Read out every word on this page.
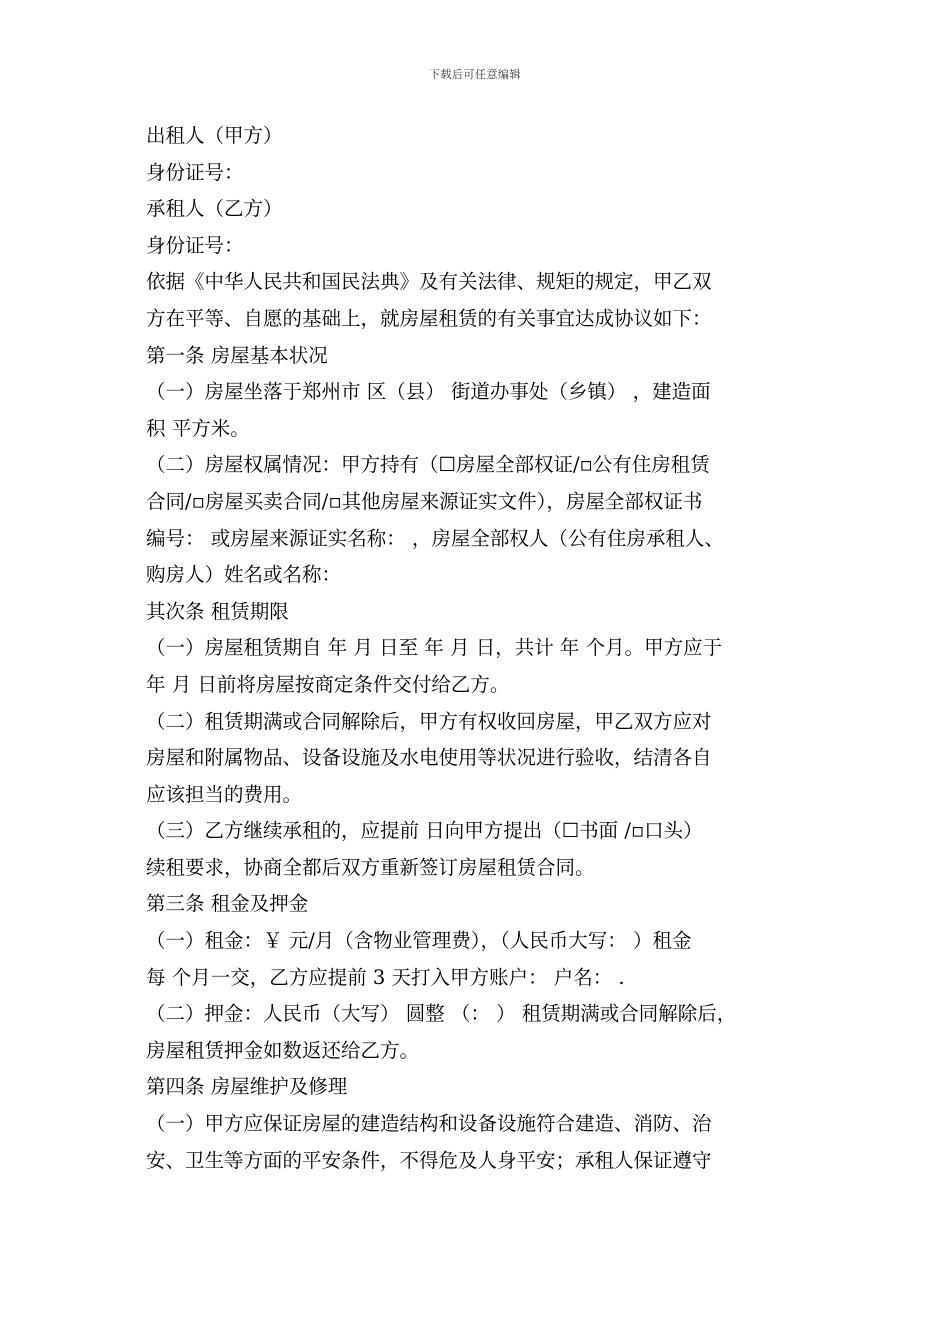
下载后可任意编辑
出租人（甲方）
身份证号：
承租人（乙方）
身份证号：
依据《中华人民共和国民法典》及有关法律、规矩的规定，甲乙双
方在平等、自愿的基础上，就房屋租赁的有关事宜达成协议如下：
第一条 房屋基本状况
（一）房屋坐落于郑州市 区（县） 街道办事处（乡镇） ，建造面
积 平方米。
（二）房屋权属情况：甲方持有（☐房屋全部权证/▫公有住房租赁
合同/▫房屋买卖合同/▫其他房屋来源证实文件），房屋全部权证书
编号： 或房屋来源证实名称： ，房屋全部权人（公有住房承租人、
购房人）姓名或名称：
其次条 租赁期限
（一）房屋租赁期自 年 月 日至 年 月 日，共计 年 个月。甲方应于
年 月 日前将房屋按商定条件交付给乙方。
（二）租赁期满或合同解除后，甲方有权收回房屋，甲乙双方应对
房屋和附属物品、设备设施及水电使用等状况进行验收，结清各自
应该担当的费用。
（三）乙方继续承租的，应提前 日向甲方提出（☐书面 /▫口头）
续租要求，协商全都后双方重新签订房屋租赁合同。
第三条 租金及押金
（一）租金：￥ 元/月（含物业管理费），（人民币大写： ）租金
每 个月一交，乙方应提前 3 天打入甲方账户： 户名： .
（二）押金：人民币（大写） 圆整 （： ） 租赁期满或合同解除后，
房屋租赁押金如数返还给乙方。
第四条 房屋维护及修理
（一）甲方应保证房屋的建造结构和设备设施符合建造、消防、治
安、卫生等方面的平安条件，不得危及人身平安；承租人保证遵守
